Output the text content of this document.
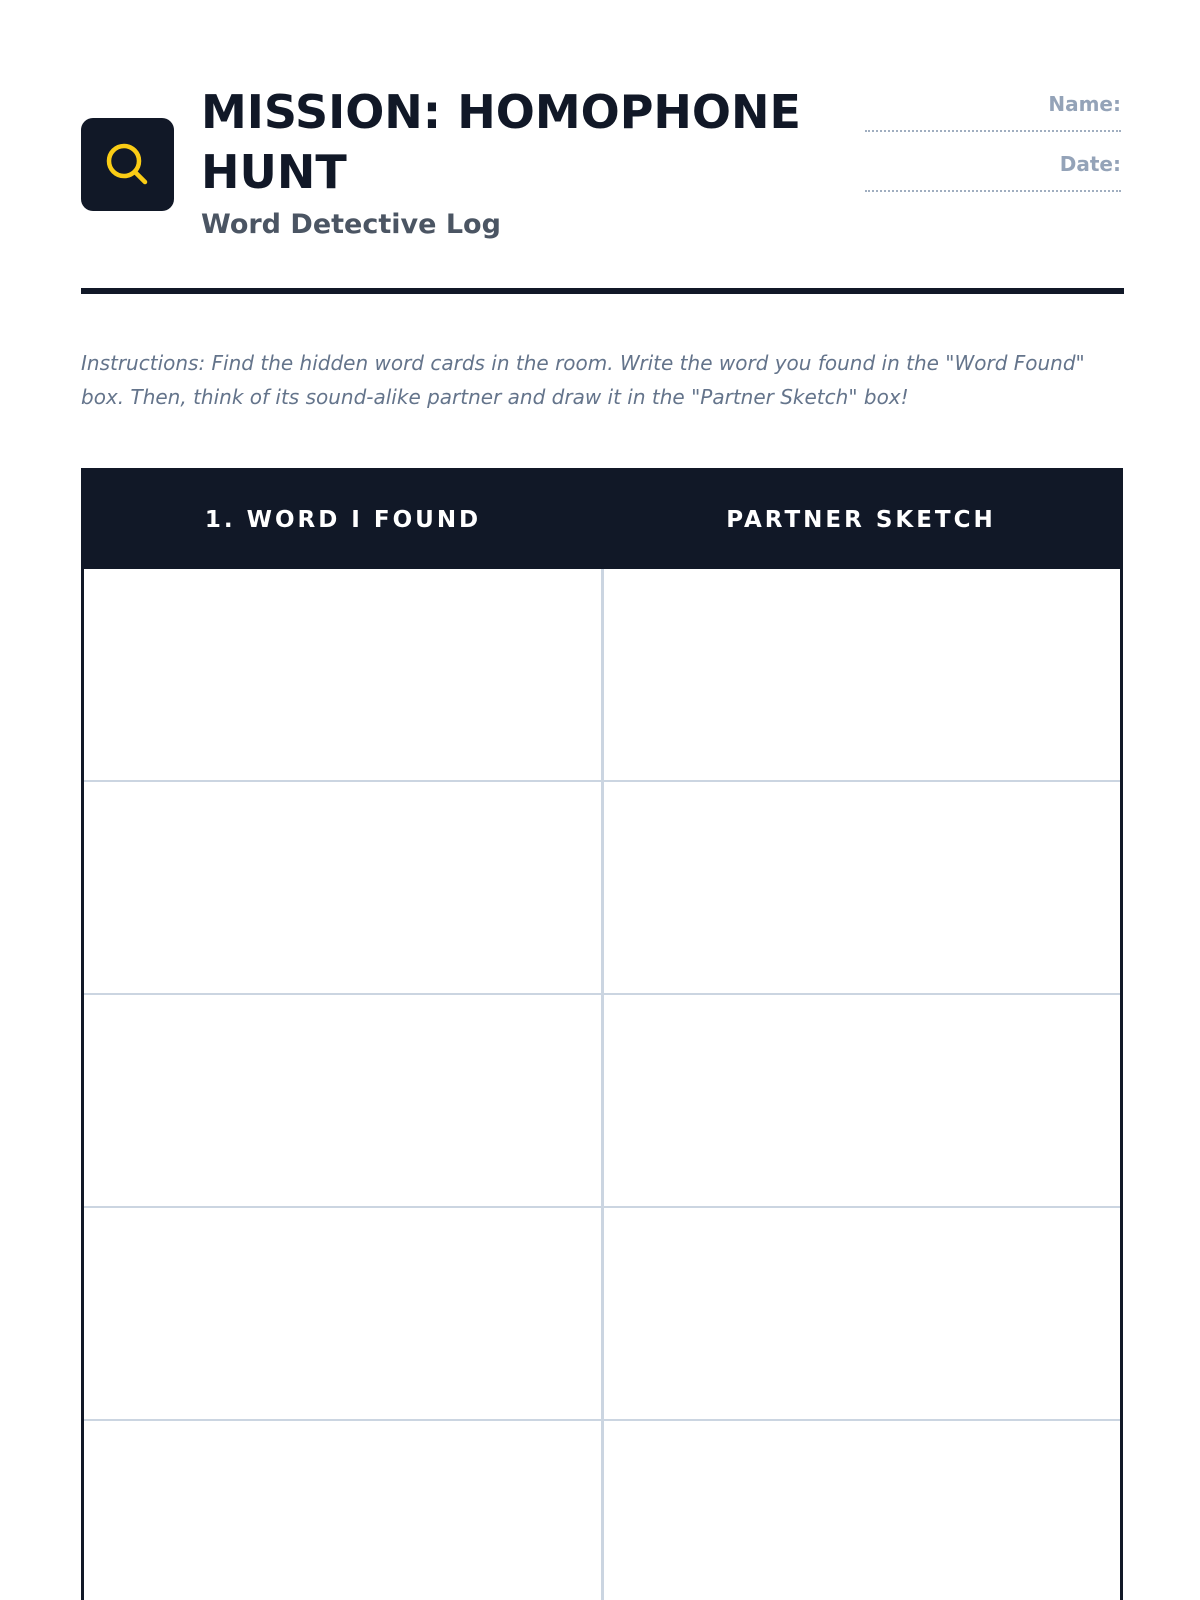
MISSION: HOMOPHONE
HUNT
Word Detective Log
Name:
Date:

Instructions: Find the hidden word cards in the room. Write the word you found in the "Word Found" box. Then, think of its sound-alike partner and draw it in the "Partner Sketch" box!

1. WORD I FOUND	PARTNER SKETCH
